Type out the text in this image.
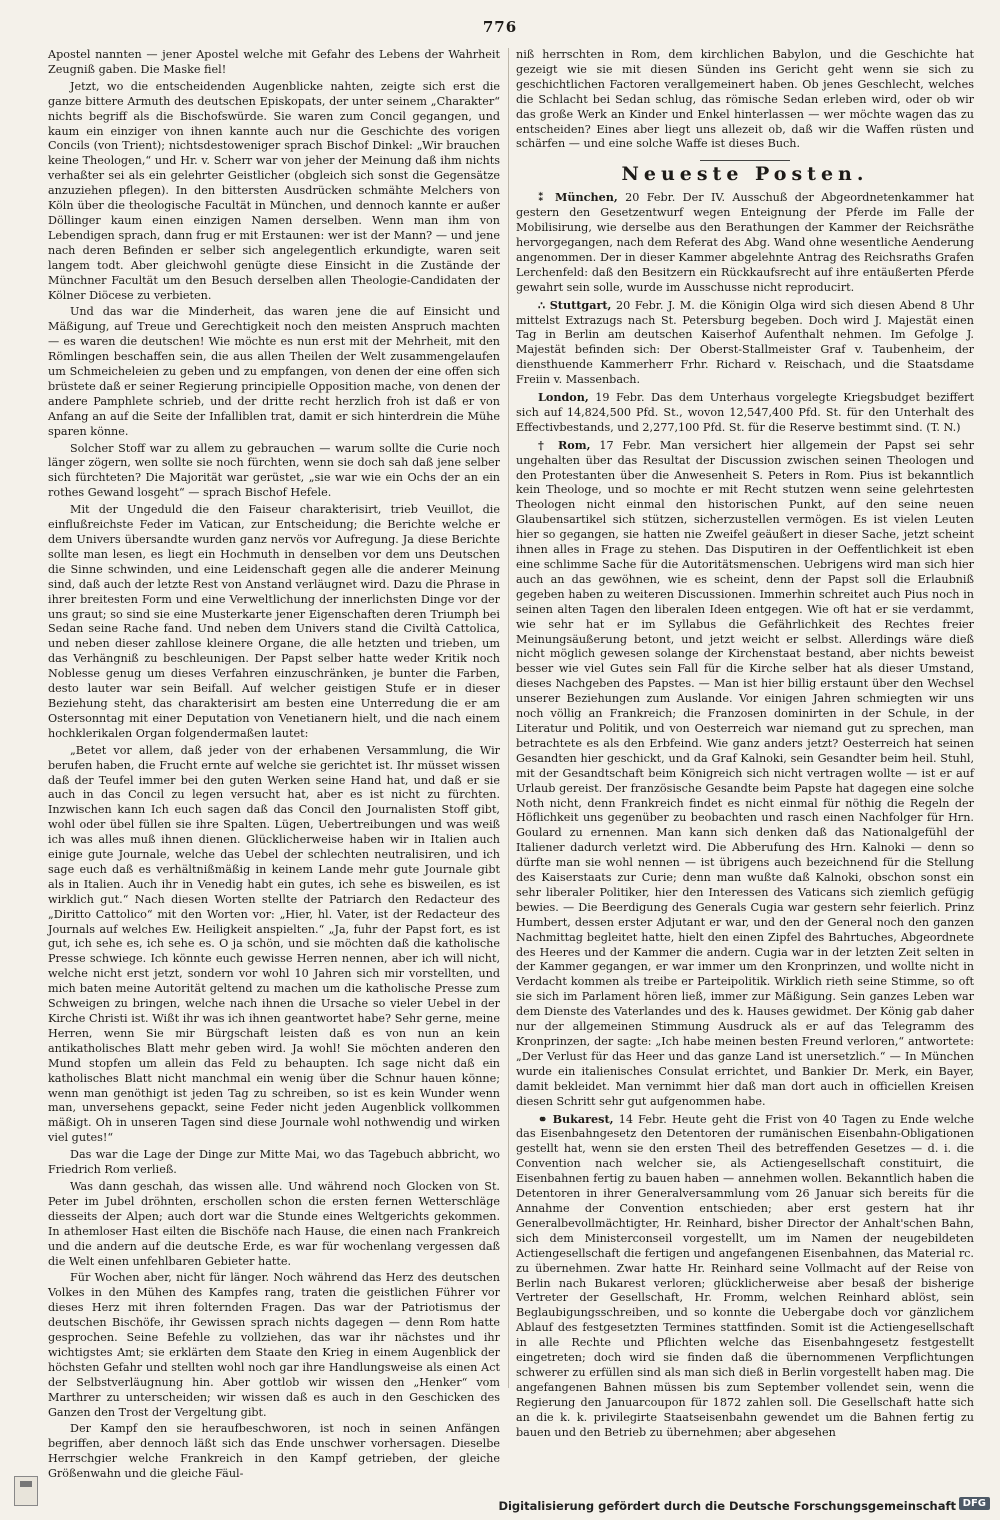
776

Apostel nannten — jener Apostel welche mit Gefahr des Lebens der Wahrheit Zeugniß gaben. Die Maske fiel!

Jetzt, wo die entscheidenden Augenblicke nahten, zeigte sich erst die ganze bittere Armuth des deutschen Episkopats, der unter seinem „Charakter“ nichts begriff als die Bischofswürde. Sie waren zum Concil gegangen, und kaum ein einziger von ihnen kannte auch nur die Geschichte des vorigen Concils (von Trient); nichtsdestoweniger sprach Bischof Dinkel: „Wir brauchen keine Theologen,“ und Hr. v. Scherr war von jeher der Meinung daß ihm nichts verhaßter sei als ein gelehrter Geistlicher (obgleich sich sonst die Gegensätze anzuziehen pflegen). In den bittersten Ausdrücken schmähte Melchers von Köln über die theologische Facultät in München, und dennoch kannte er außer Döllinger kaum einen einzigen Namen derselben. Wenn man ihm von Lebendigen sprach, dann frug er mit Erstaunen: wer ist der Mann? — und jene nach deren Befinden er selber sich angelegentlich erkundigte, waren seit langem todt. Aber gleichwohl genügte diese Einsicht in die Zustände der Münchner Facultät um den Besuch derselben allen Theologie-Candidaten der Kölner Diöcese zu verbieten.

Und das war die Minderheit, das waren jene die auf Einsicht und Mäßigung, auf Treue und Gerechtigkeit noch den meisten Anspruch machten — es waren die deutschen! Wie möchte es nun erst mit der Mehrheit, mit den Römlingen beschaffen sein, die aus allen Theilen der Welt zusammengelaufen um Schmeicheleien zu geben und zu empfangen, von denen der eine offen sich brüstete daß er seiner Regierung principielle Opposition mache, von denen der andere Pamphlete schrieb, und der dritte recht herzlich froh ist daß er von Anfang an auf die Seite der Infalliblen trat, damit er sich hinterdrein die Mühe sparen könne.

Solcher Stoff war zu allem zu gebrauchen — warum sollte die Curie noch länger zögern, wen sollte sie noch fürchten, wenn sie doch sah daß jene selber sich fürchteten? Die Majorität war gerüstet, „sie war wie ein Ochs der an ein rothes Gewand losgeht“ — sprach Bischof Hefele.

Mit der Ungeduld die den Faiseur charakterisirt, trieb Veuillot, die einflußreichste Feder im Vatican, zur Entscheidung; die Berichte welche er dem Univers übersandte wurden ganz nervös vor Aufregung. Ja diese Berichte sollte man lesen, es liegt ein Hochmuth in denselben vor dem uns Deutschen die Sinne schwinden, und eine Leidenschaft gegen alle die anderer Meinung sind, daß auch der letzte Rest von Anstand verläugnet wird. Dazu die Phrase in ihrer breitesten Form und eine Verweltlichung der innerlichsten Dinge vor der uns graut; so sind sie eine Musterkarte jener Eigenschaften deren Triumph bei Sedan seine Rache fand. Und neben dem Univers stand die Civiltà Cattolica, und neben dieser zahllose kleinere Organe, die alle hetzten und trieben, um das Verhängniß zu beschleunigen. Der Papst selber hatte weder Kritik noch Noblesse genug um dieses Verfahren einzuschränken, je bunter die Farben, desto lauter war sein Beifall. Auf welcher geistigen Stufe er in dieser Beziehung steht, das charakterisirt am besten eine Unterredung die er am Ostersonntag mit einer Deputation von Venetianern hielt, und die nach einem hochklerikalen Organ folgendermaßen lautet:

„Betet vor allem, daß jeder von der erhabenen Versammlung, die Wir berufen haben, die Frucht ernte auf welche sie gerichtet ist. Ihr müsset wissen daß der Teufel immer bei den guten Werken seine Hand hat, und daß er sie auch in das Concil zu legen versucht hat, aber es ist nicht zu fürchten. Inzwischen kann Ich euch sagen daß das Concil den Journalisten Stoff gibt, wohl oder übel füllen sie ihre Spalten. Lügen, Uebertreibungen und was weiß ich was alles muß ihnen dienen. Glücklicherweise haben wir in Italien auch einige gute Journale, welche das Uebel der schlechten neutralisiren, und ich sage euch daß es verhältnißmäßig in keinem Lande mehr gute Journale gibt als in Italien. Auch ihr in Venedig habt ein gutes, ich sehe es bisweilen, es ist wirklich gut.“ Nach diesen Worten stellte der Patriarch den Redacteur des „Diritto Cattolico“ mit den Worten vor: „Hier, hl. Vater, ist der Redacteur des Journals auf welches Ew. Heiligkeit anspielten.“ „Ja, fuhr der Papst fort, es ist gut, ich sehe es, ich sehe es. O ja schön, und sie möchten daß die katholische Presse schwiege. Ich könnte euch gewisse Herren nennen, aber ich will nicht, welche nicht erst jetzt, sondern vor wohl 10 Jahren sich mir vorstellten, und mich baten meine Autorität geltend zu machen um die katholische Presse zum Schweigen zu bringen, welche nach ihnen die Ursache so vieler Uebel in der Kirche Christi ist. Wißt ihr was ich ihnen geantwortet habe? Sehr gerne, meine Herren, wenn Sie mir Bürgschaft leisten daß es von nun an kein antikatholisches Blatt mehr geben wird. Ja wohl! Sie möchten anderen den Mund stopfen um allein das Feld zu behaupten. Ich sage nicht daß ein katholisches Blatt nicht manchmal ein wenig über die Schnur hauen könne; wenn man genöthigt ist jeden Tag zu schreiben, so ist es kein Wunder wenn man, unversehens gepackt, seine Feder nicht jeden Augenblick vollkommen mäßigt. Oh in unseren Tagen sind diese Journale wohl nothwendig und wirken viel gutes!“

Das war die Lage der Dinge zur Mitte Mai, wo das Tagebuch abbricht, wo Friedrich Rom verließ.

Was dann geschah, das wissen alle. Und während noch Glocken von St. Peter im Jubel dröhnten, erschollen schon die ersten fernen Wetterschläge diesseits der Alpen; auch dort war die Stunde eines Weltgerichts gekommen. In athemloser Hast eilten die Bischöfe nach Hause, die einen nach Frankreich und die andern auf die deutsche Erde, es war für wochenlang vergessen daß die Welt einen unfehlbaren Gebieter hatte.

Für Wochen aber, nicht für länger. Noch während das Herz des deutschen Volkes in den Mühen des Kampfes rang, traten die geistlichen Führer vor dieses Herz mit ihren folternden Fragen. Das war der Patriotismus der deutschen Bischöfe, ihr Gewissen sprach nichts dagegen — denn Rom hatte gesprochen. Seine Befehle zu vollziehen, das war ihr nächstes und ihr wichtigstes Amt; sie erklärten dem Staate den Krieg in einem Augenblick der höchsten Gefahr und stellten wohl noch gar ihre Handlungsweise als einen Act der Selbstverläugnung hin. Aber gottlob wir wissen den „Henker“ vom Marthrer zu unterscheiden; wir wissen daß es auch in den Geschicken des Ganzen den Trost der Vergeltung gibt.

Der Kampf den sie heraufbeschworen, ist noch in seinen Anfängen begriffen, aber dennoch läßt sich das Ende unschwer vorhersagen. Dieselbe Herrschgier welche Frankreich in den Kampf getrieben, der gleiche Größenwahn und die gleiche Fäul-

niß herrschten in Rom, dem kirchlichen Babylon, und die Geschichte hat gezeigt wie sie mit diesen Sünden ins Gericht geht wenn sie sich zu geschichtlichen Factoren verallgemeinert haben. Ob jenes Geschlecht, welches die Schlacht bei Sedan schlug, das römische Sedan erleben wird, oder ob wir das große Werk an Kinder und Enkel hinterlassen — wer möchte wagen das zu entscheiden? Eines aber liegt uns allezeit ob, daß wir die Waffen rüsten und schärfen — und eine solche Waffe ist dieses Buch.

Neueste Posten.

⁑ München, 20 Febr. Der IV. Ausschuß der Abgeordnetenkammer hat gestern den Gesetzentwurf wegen Enteignung der Pferde im Falle der Mobilisirung, wie derselbe aus den Berathungen der Kammer der Reichsräthe hervorgegangen, nach dem Referat des Abg. Wand ohne wesentliche Aenderung angenommen. Der in dieser Kammer abgelehnte Antrag des Reichsraths Grafen Lerchenfeld: daß den Besitzern ein Rückkaufsrecht auf ihre entäußerten Pferde gewahrt sein solle, wurde im Ausschusse nicht reproducirt.

∴ Stuttgart, 20 Febr. J. M. die Königin Olga wird sich diesen Abend 8 Uhr mittelst Extrazugs nach St. Petersburg begeben. Doch wird J. Majestät einen Tag in Berlin am deutschen Kaiserhof Aufenthalt nehmen. Im Gefolge J. Majestät befinden sich: Der Oberst-Stallmeister Graf v. Taubenheim, der diensthuende Kammerherr Frhr. Richard v. Reischach, und die Staatsdame Freiin v. Massenbach.

London, 19 Febr. Das dem Unterhaus vorgelegte Kriegsbudget beziffert sich auf 14,824,500 Pfd. St., wovon 12,547,400 Pfd. St. für den Unterhalt des Effectivbestands, und 2,277,100 Pfd. St. für die Reserve bestimmt sind. (T. N.)

† Rom, 17 Febr. Man versichert hier allgemein der Papst sei sehr ungehalten über das Resultat der Discussion zwischen seinen Theologen und den Protestanten über die Anwesenheit S. Peters in Rom. Pius ist bekanntlich kein Theologe, und so mochte er mit Recht stutzen wenn seine gelehrtesten Theologen nicht einmal den historischen Punkt, auf den seine neuen Glaubensartikel sich stützen, sicherzustellen vermögen. Es ist vielen Leuten hier so gegangen, sie hatten nie Zweifel geäußert in dieser Sache, jetzt scheint ihnen alles in Frage zu stehen. Das Disputiren in der Oeffentlichkeit ist eben eine schlimme Sache für die Autoritätsmenschen. Uebrigens wird man sich hier auch an das gewöhnen, wie es scheint, denn der Papst soll die Erlaubniß gegeben haben zu weiteren Discussionen. Immerhin schreitet auch Pius noch in seinen alten Tagen den liberalen Ideen entgegen. Wie oft hat er sie verdammt, wie sehr hat er im Syllabus die Gefährlichkeit des Rechtes freier Meinungsäußerung betont, und jetzt weicht er selbst. Allerdings wäre dieß nicht möglich gewesen solange der Kirchenstaat bestand, aber nichts beweist besser wie viel Gutes sein Fall für die Kirche selber hat als dieser Umstand, dieses Nachgeben des Papstes. — Man ist hier billig erstaunt über den Wechsel unserer Beziehungen zum Auslande. Vor einigen Jahren schmiegten wir uns noch völlig an Frankreich; die Franzosen dominirten in der Schule, in der Literatur und Politik, und von Oesterreich war niemand gut zu sprechen, man betrachtete es als den Erbfeind. Wie ganz anders jetzt? Oesterreich hat seinen Gesandten hier geschickt, und da Graf Kalnoki, sein Gesandter beim heil. Stuhl, mit der Gesandtschaft beim Königreich sich nicht vertragen wollte — ist er auf Urlaub gereist. Der französische Gesandte beim Papste hat dagegen eine solche Noth nicht, denn Frankreich findet es nicht einmal für nöthig die Regeln der Höflichkeit uns gegenüber zu beobachten und rasch einen Nachfolger für Hrn. Goulard zu ernennen. Man kann sich denken daß das Nationalgefühl der Italiener dadurch verletzt wird. Die Abberufung des Hrn. Kalnoki — denn so dürfte man sie wohl nennen — ist übrigens auch bezeichnend für die Stellung des Kaiserstaats zur Curie; denn man wußte daß Kalnoki, obschon sonst ein sehr liberaler Politiker, hier den Interessen des Vaticans sich ziemlich gefügig bewies. — Die Beerdigung des Generals Cugia war gestern sehr feierlich. Prinz Humbert, dessen erster Adjutant er war, und den der General noch den ganzen Nachmittag begleitet hatte, hielt den einen Zipfel des Bahrtuches, Abgeordnete des Heeres und der Kammer die andern. Cugia war in der letzten Zeit selten in der Kammer gegangen, er war immer um den Kronprinzen, und wollte nicht in Verdacht kommen als treibe er Parteipolitik. Wirklich rieth seine Stimme, so oft sie sich im Parlament hören ließ, immer zur Mäßigung. Sein ganzes Leben war dem Dienste des Vaterlandes und des k. Hauses gewidmet. Der König gab daher nur der allgemeinen Stimmung Ausdruck als er auf das Telegramm des Kronprinzen, der sagte: „Ich habe meinen besten Freund verloren,“ antwortete: „Der Verlust für das Heer und das ganze Land ist unersetzlich.“ — In München wurde ein italienisches Consulat errichtet, und Bankier Dr. Merk, ein Bayer, damit bekleidet. Man vernimmt hier daß man dort auch in officiellen Kreisen diesen Schritt sehr gut aufgenommen habe.

⚭ Bukarest, 14 Febr. Heute geht die Frist von 40 Tagen zu Ende welche das Eisenbahngesetz den Detentoren der rumänischen Eisenbahn-Obligationen gestellt hat, wenn sie den ersten Theil des betreffenden Gesetzes — d. i. die Convention nach welcher sie, als Actiengesellschaft constituirt, die Eisenbahnen fertig zu bauen haben — annehmen wollen. Bekanntlich haben die Detentoren in ihrer Generalversammlung vom 26 Januar sich bereits für die Annahme der Convention entschieden; aber erst gestern hat ihr Generalbevollmächtigter, Hr. Reinhard, bisher Director der Anhalt'schen Bahn, sich dem Ministerconseil vorgestellt, um im Namen der neugebildeten Actiengesellschaft die fertigen und angefangenen Eisenbahnen, das Material rc. zu übernehmen. Zwar hatte Hr. Reinhard seine Vollmacht auf der Reise von Berlin nach Bukarest verloren; glücklicherweise aber besaß der bisherige Vertreter der Gesellschaft, Hr. Fromm, welchen Reinhard ablöst, sein Beglaubigungsschreiben, und so konnte die Uebergabe doch vor gänzlichem Ablauf des festgesetzten Termines stattfinden. Somit ist die Actiengesellschaft in alle Rechte und Pflichten welche das Eisenbahngesetz festgestellt eingetreten; doch wird sie finden daß die übernommenen Verpflichtungen schwerer zu erfüllen sind als man sich dieß in Berlin vorgestellt haben mag. Die angefangenen Bahnen müssen bis zum September vollendet sein, wenn die Regierung den Januarcoupon für 1872 zahlen soll. Die Gesellschaft hatte sich an die k. k. privilegirte Staatseisenbahn gewendet um die Bahnen fertig zu bauen und den Betrieb zu übernehmen; aber abgesehen

Digitalisierung gefördert durch die Deutsche Forschungsgemeinschaft DFG
